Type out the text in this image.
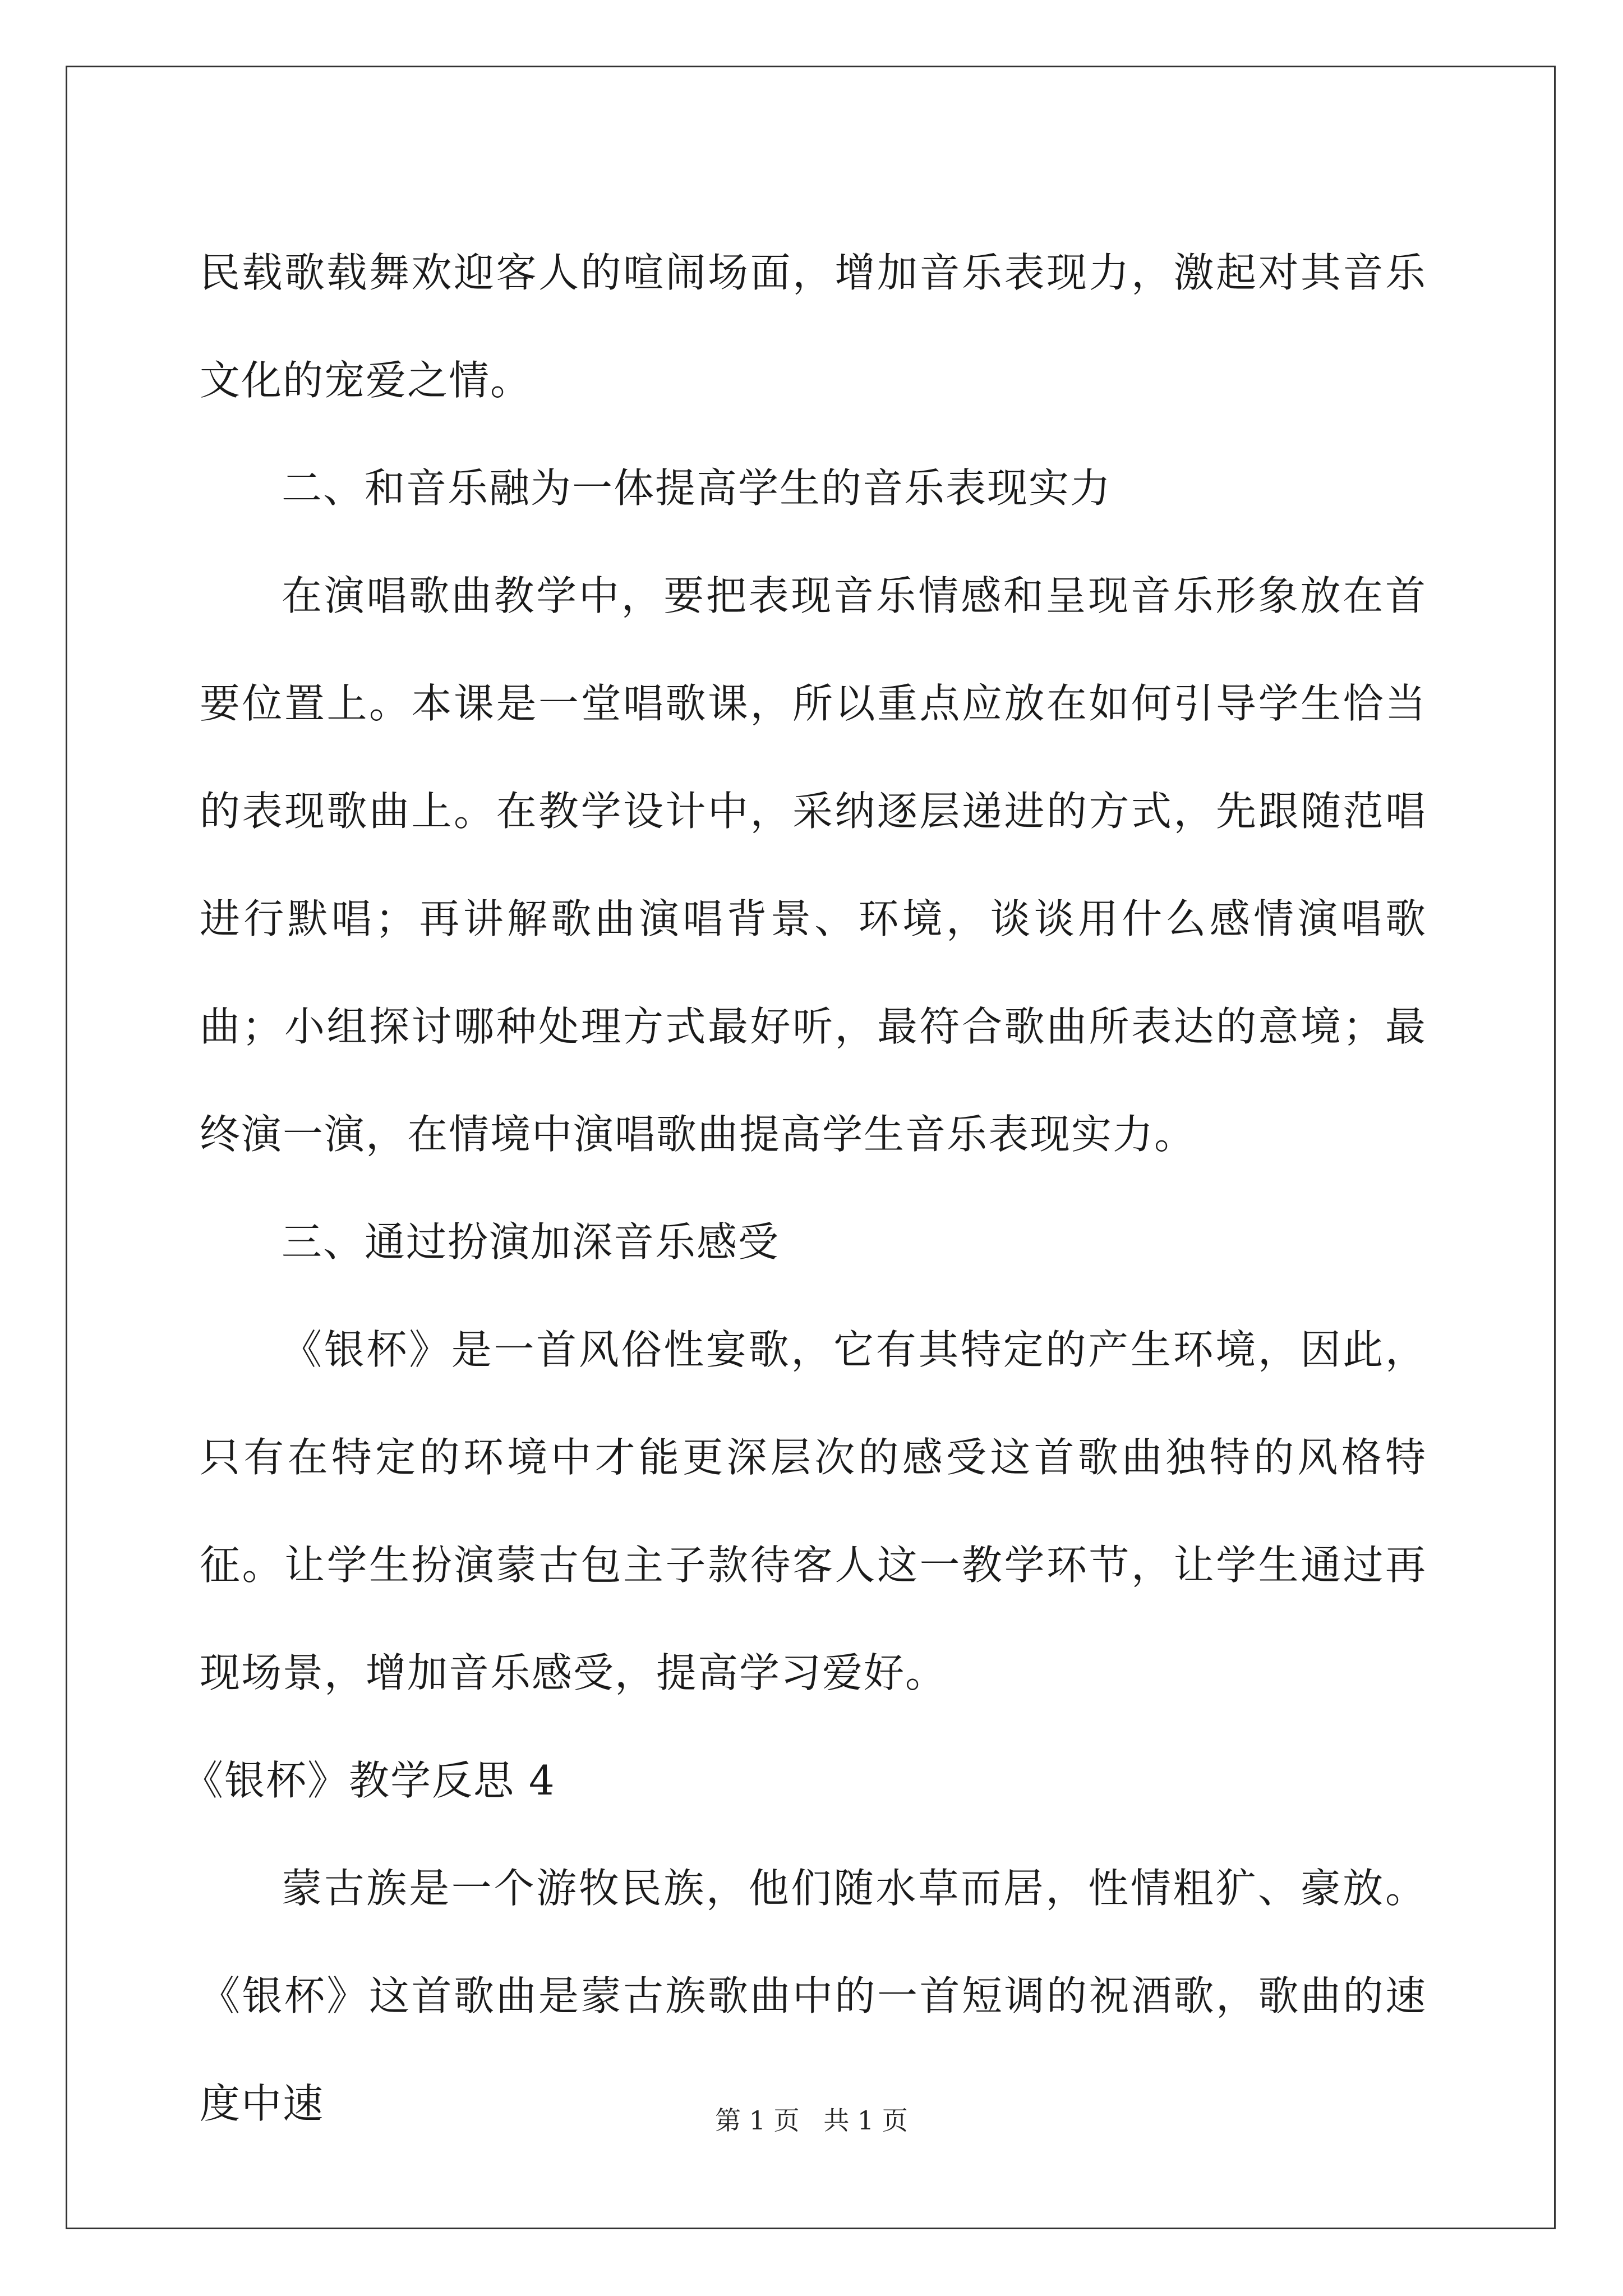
民载歌载舞欢迎客人的喧闹场面，增加音乐表现力，激起对其音乐文化的宠爱之情。

二、和音乐融为一体提高学生的音乐表现实力

在演唱歌曲教学中，要把表现音乐情感和呈现音乐形象放在首要位置上。本课是一堂唱歌课，所以重点应放在如何引导学生恰当的表现歌曲上。在教学设计中，采纳逐层递进的方式，先跟随范唱进行默唱；再讲解歌曲演唱背景、环境，谈谈用什么感情演唱歌曲；小组探讨哪种处理方式最好听，最符合歌曲所表达的意境；最终演一演，在情境中演唱歌曲提高学生音乐表现实力。

三、通过扮演加深音乐感受

《银杯》是一首风俗性宴歌，它有其特定的产生环境，因此，只有在特定的环境中才能更深层次的感受这首歌曲独特的风格特征。让学生扮演蒙古包主子款待客人这一教学环节，让学生通过再现场景，增加音乐感受，提高学习爱好。

《银杯》教学反思 4

蒙古族是一个游牧民族，他们随水草而居，性情粗犷、豪放。《银杯》这首歌曲是蒙古族歌曲中的一首短调的祝酒歌，歌曲的速度中速	第 1 页 共 1 页
